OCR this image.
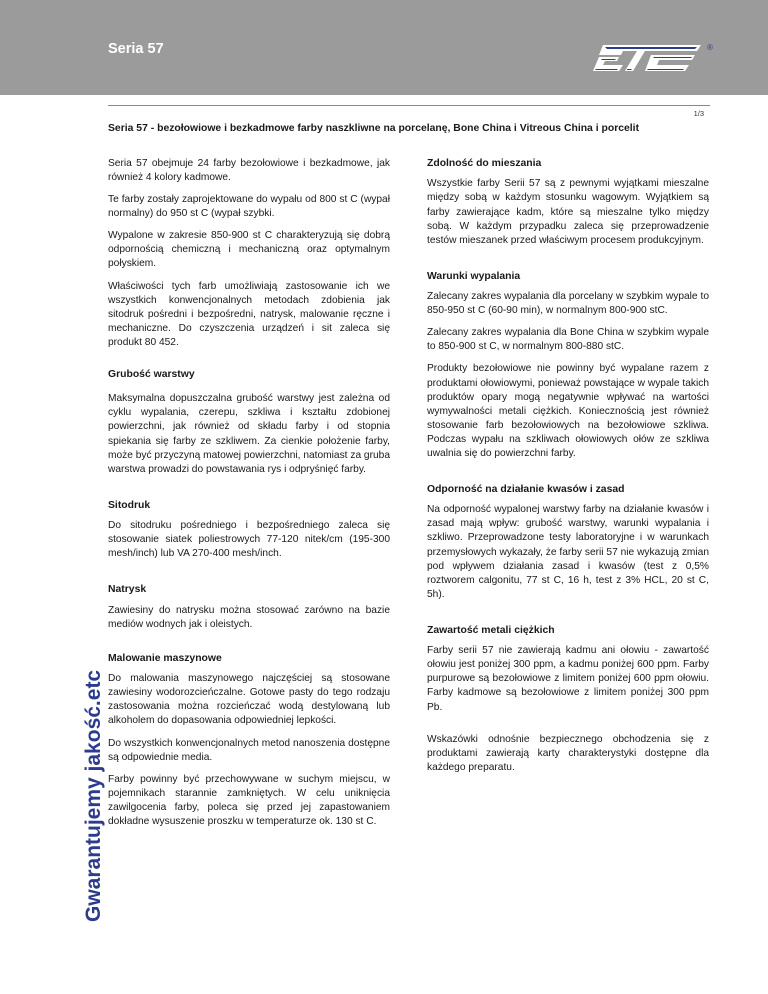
Seria 57	®
1/3
Gwarantujemy jakość.etc
Seria 57 - bezołowiowe i bezkadmowe farby naszkliwne na porcelanę, Bone China i Vitreous China i porcelit

Seria 57 obejmuje 24 farby bezołowiowe i bezkadmowe, jak również 4 kolory kadmowe.

Te farby zostały zaprojektowane do wypału od 800 st C (wypał normalny) do 950 st C (wypał szybki.

Wypalone w zakresie 850-900 st C charakteryzują się dobrą odpornością chemiczną i mechaniczną oraz optymalnym połyskiem.

Właściwości tych farb umożliwiają zastosowanie ich we wszystkich konwencjonalnych metodach zdobienia jak sitodruk pośredni i bezpośredni, natrysk, malowanie ręczne i mechaniczne. Do czyszczenia urządzeń i sit zaleca się produkt 80 452.

Grubość warstwy

Maksymalna dopuszczalna grubość warstwy jest zależna od cyklu wypalania, czerepu, szkliwa i kształtu zdobionej powierzchni, jak również od składu farby i od stopnia spiekania się farby ze szkliwem. Za cienkie położenie farby, może być przyczyną matowej powierzchni, natomiast za gruba warstwa prowadzi do powstawania rys i odpryśnięć farby.

Sitodruk

Do sitodruku pośredniego i bezpośredniego zaleca się stosowanie siatek poliestrowych 77-120 nitek/cm (195-300 mesh/inch) lub VA 270-400 mesh/inch.

Natrysk

Zawiesiny do natrysku można stosować zarówno na bazie mediów wodnych jak i oleistych.

Malowanie maszynowe

Do malowania maszynowego najczęściej są stosowane zawiesiny wodorozcieńczalne. Gotowe pasty do tego rodzaju zastosowania można rozcieńczać wodą destylowaną lub alkoholem do dopasowania odpowiedniej lepkości.

Do wszystkich konwencjonalnych metod nanoszenia dostępne są odpowiednie media.

Farby powinny być przechowywane w suchym miejscu, w pojemnikach starannie zamkniętych. W celu uniknięcia zawilgocenia farby, poleca się przed jej zapastowaniem dokładne wysuszenie proszku w temperaturze ok. 130 st C.

Zdolność do mieszania

Wszystkie farby Serii 57 są z pewnymi wyjątkami mieszalne między sobą w każdym stosunku wagowym. Wyjątkiem są farby zawierające kadm, które są mieszalne tylko między sobą. W każdym przypadku zaleca się przeprowadzenie testów mieszanek przed właściwym procesem produkcyjnym.

Warunki wypalania

Zalecany zakres wypalania dla porcelany w szybkim wypale to 850-950 st C (60-90 min), w normalnym 800-900 stC.

Zalecany zakres wypalania dla Bone China w szybkim wypale to 850-900 st C, w normalnym 800-880 stC.

Produkty bezołowiowe nie powinny być wypalane razem z produktami ołowiowymi, ponieważ powstające w wypale takich produktów opary mogą negatywnie wpływać na wartości wymywalności metali ciężkich. Koniecznością jest również stosowanie farb bezołowiowych na bezołowiowe szkliwa. Podczas wypału na szkliwach ołowiowych ołów ze szkliwa uwalnia się do powierzchni farby.

Odporność na działanie kwasów i zasad

Na odporność wypalonej warstwy farby na działanie kwasów i zasad mają wpływ: grubość warstwy, warunki wypalania i szkliwo. Przeprowadzone testy laboratoryjne i w warunkach przemysłowych wykazały, że farby serii 57 nie wykazują zmian pod wpływem działania zasad i kwasów (test z 0,5% roztworem calgonitu, 77 st C, 16 h, test z 3% HCL, 20 st C, 5h).

Zawartość metali ciężkich

Farby serii 57 nie zawierają kadmu ani ołowiu - zawartość ołowiu jest poniżej 300 ppm, a kadmu poniżej 600 ppm. Farby purpurowe są bezołowiowe z limitem poniżej 600 ppm ołowiu. Farby kadmowe są bezołowiowe z limitem poniżej 300 ppm Pb.

Wskazówki odnośnie bezpiecznego obchodzenia się z produktami zawierają karty charakterystyki dostępne dla każdego preparatu.
